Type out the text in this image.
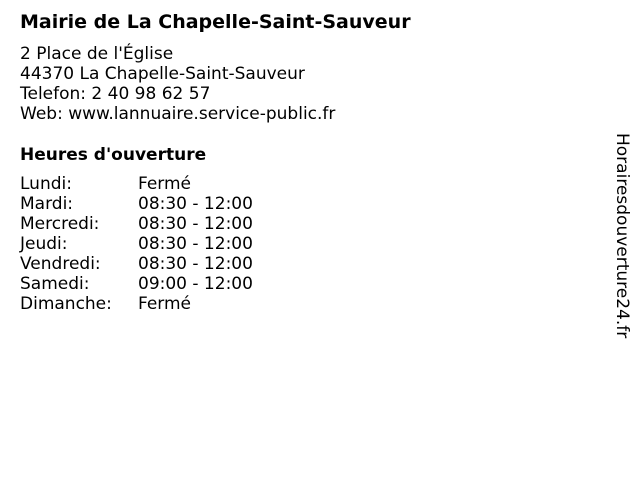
Mairie de La Chapelle-Saint-Sauveur
2 Place de l'Église
44370 La Chapelle-Saint-Sauveur
Telefon: 2 40 98 62 57
Web: www.lannuaire.service-public.fr
Heures d'ouverture
Lundi:	Fermé
Mardi:	08:30 - 12:00
Mercredi:	08:30 - 12:00
Jeudi:	08:30 - 12:00
Vendredi:	08:30 - 12:00
Samedi:	09:00 - 12:00
Dimanche:	Fermé	Horairesdouverture24.fr
